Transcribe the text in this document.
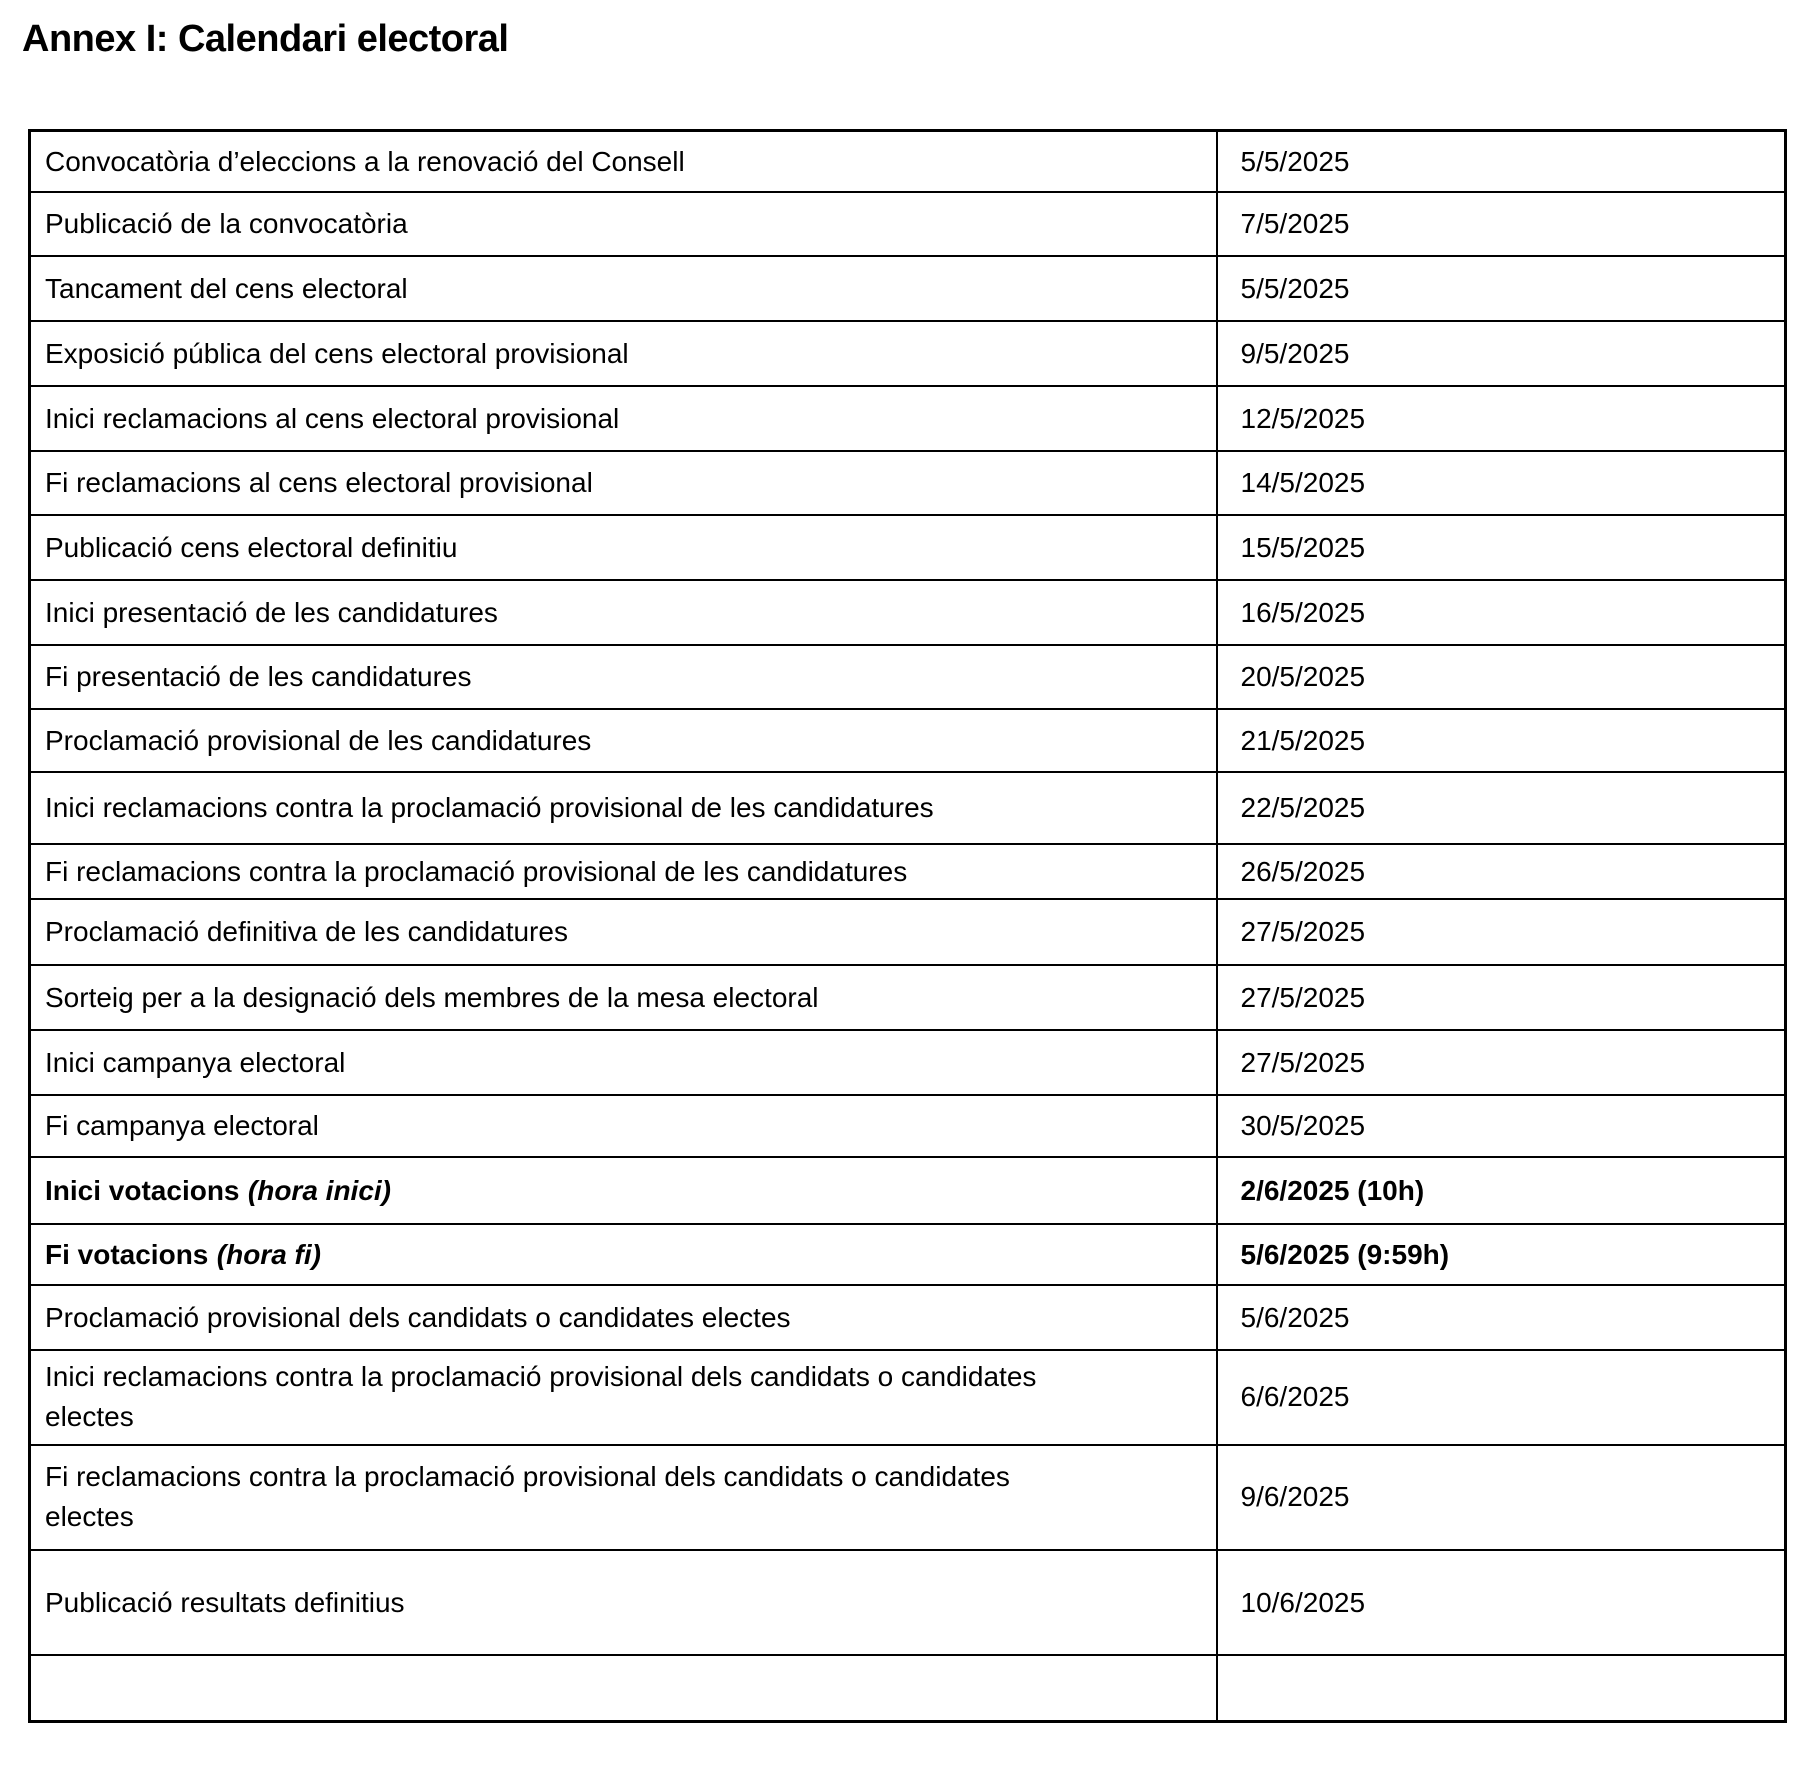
Annex I: Calendari electoral
Convocatòria d’eleccions a la renovació del Consell	5/5/2025
Publicació de la convocatòria	7/5/2025
Tancament del cens electoral	5/5/2025
Exposició pública del cens electoral provisional	9/5/2025
Inici reclamacions al cens electoral provisional	12/5/2025
Fi reclamacions al cens electoral provisional	14/5/2025
Publicació cens electoral definitiu	15/5/2025
Inici presentació de les candidatures	16/5/2025
Fi presentació de les candidatures	20/5/2025
Proclamació provisional de les candidatures	21/5/2025
Inici reclamacions contra la proclamació provisional de les candidatures	22/5/2025
Fi reclamacions contra la proclamació provisional de les candidatures	26/5/2025
Proclamació definitiva de les candidatures	27/5/2025
Sorteig per a la designació dels membres de la mesa electoral	27/5/2025
Inici campanya electoral	27/5/2025
Fi campanya electoral	30/5/2025
Inici votacions (hora inici)	2/6/2025 (10h)
Fi votacions (hora fi)	5/6/2025 (9:59h)
Proclamació provisional dels candidats o candidates electes	5/6/2025
Inici reclamacions contra la proclamació provisional dels candidats o candidates electes	6/6/2025
Fi reclamacions contra la proclamació provisional dels candidats o candidates electes	9/6/2025
Publicació resultats definitius	10/6/2025
